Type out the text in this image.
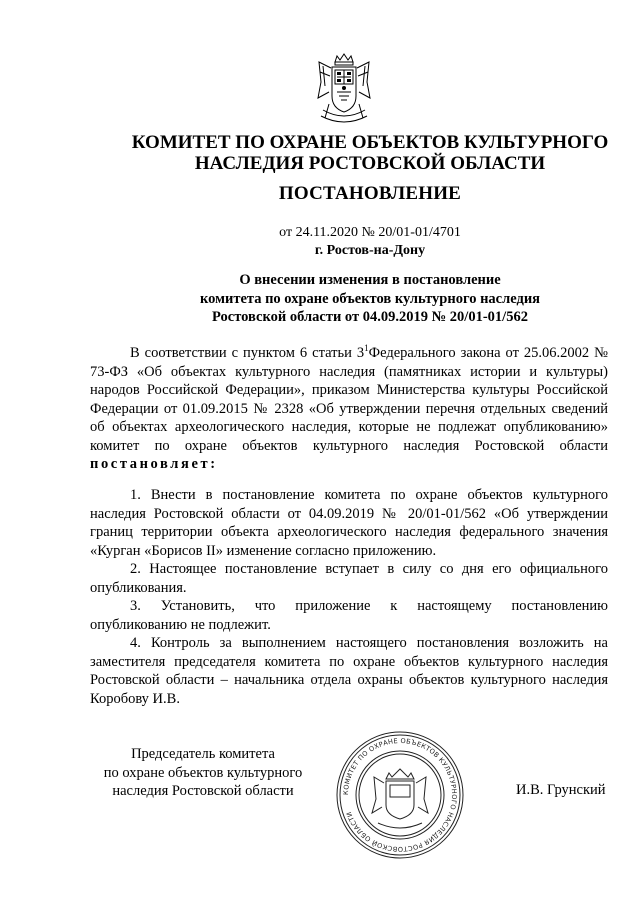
КОМИТЕТ ПО ОХРАНЕ ОБЪЕКТОВ КУЛЬТУРНОГО
НАСЛЕДИЯ РОСТОВСКОЙ ОБЛАСТИ
ПОСТАНОВЛЕНИЕ
от 24.11.2020 № 20/01-01/4701
г. Ростов-на-Дону
О внесении изменения в постановление
комитета по охране объектов культурного наследия
Ростовской области от 04.09.2019 № 20/01-01/562

В соответствии с пунктом 6 статьи $3^1Федерального$ закона от 25.06.2002 № 73-ФЗ «Об объектах культурного наследия (памятниках истории и культуры) народов Российской Федерации», приказом Министерства культуры Российской Федерации от 01.09.2015 № 2328 «Об утверждении перечня отдельных сведений об объектах археологического наследия, которые не подлежат опубликованию» комитет по охране объектов культурного наследия Ростовской области постановляет:

1. Внести в постановление комитета по охране объектов культурного наследия Ростовской области от 04.09.2019 № 20/01-01/562 «Об утверждении границ территории объекта археологического наследия федерального значения «Курган «Борисов II» изменение согласно приложению.

2. Настоящее постановление вступает в силу со дня его официального опубликования.

3. Установить, что приложение к настоящему постановлению опубликованию не подлежит.

4. Контроль за выполнением настоящего постановления возложить на заместителя председателя комитета по охране объектов культурного наследия Ростовской области – начальника отдела охраны объектов культурного наследия Коробову И.В.

Председатель комитета
по охране объектов культурного
наследия Ростовской области	КОМИТЕТ ПО ОХРАНЕ ОБЪЕКТОВ КУЛЬТУРНОГО НАСЛЕДИЯ РОСТОВСКОЙ ОБЛАСТИ
И.В. Грунский
